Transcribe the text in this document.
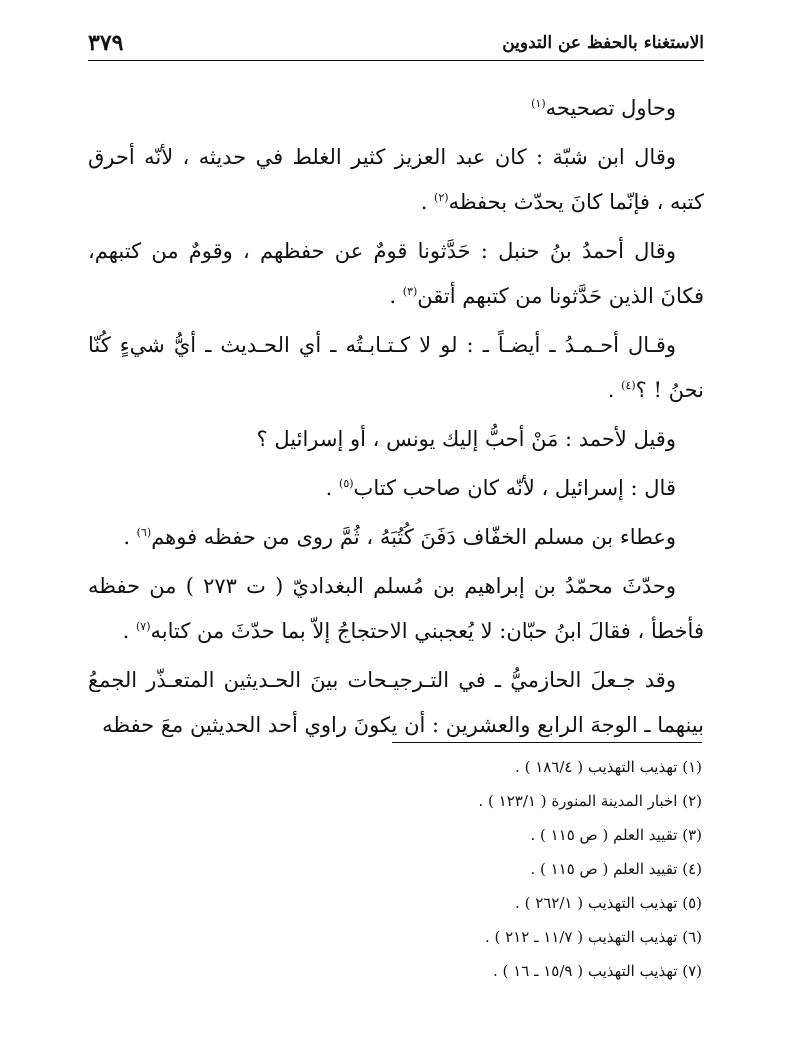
الاستغناء بالحفظ عن التدوين
٣٧٩

وحاول تصحيحه$^{(١)}$

وقال ابن شبّة : كان عبد العزيز كثير الغلط في حديثه ، لأنّه أحرق كتبه ، فإنّما كانَ يحدّث بحفظه$^{(٢)}$ .

وقال أحمدُ بنُ حنبل : حَدَّثونا قومٌ عن حفظهم ، وقومٌ من كتبهم، فكانَ الذين حَدَّثونا من كتبهم أتقن$^{(٣)}$ .

وقـال أحـمـدُ ـ أيضـاً ـ : لو لا كـتـابـتُه ـ أي الحـديث ـ أيُّ شيءٍ كُنّا نحنُ ! ؟$^{(٤)}$ .

وقيل لأحمد : مَنْ أحبُّ إليك يونس ، أو إسرائيل ؟

قال : إسرائيل ، لأنّه كان صاحب كتاب$^{(٥)}$ .

وعطاء بن مسلم الخفّاف دَفَنَ كُتُبَهُ ، ثُمَّ روى من حفظه فوهم$^{(٦)}$ .

وحدّثَ محمّدُ بن إبراهيم بن مُسلم البغداديّ ( ت ٢٧٣ ) من حفظه فأخطأ ، فقالَ ابنُ حبّان: لا يُعجبني الاحتجاجُ إلاّ بما حدّثَ من كتابه$^{(٧)}$ .

وقد جـعلَ الحازميُّ ـ في التـرجيـحات بينَ الحـديثين المتعـذّر الجمعُ بينهما ـ الوجهَ الرابع والعشرين : أن يكونَ راوي أحد الحديثين معَ حفظه

(١) تهذيب التهذيب ( ١٨٦/٤ ) .

(٢) اخبار المدينة المنورة ( ١٢٣/١ ) .

(٣) تقييد العلم ( ص ١١٥ ) .

(٤) تقييد العلم ( ص ١١٥ ) .

(٥) تهذيب التهذيب ( ٢٦٢/١ ) .

(٦) تهذيب التهذيب ( ١١/٧ ـ ٢١٢ ) .

(٧) تهذيب التهذيب ( ١٥/٩ ـ ١٦ ) .
